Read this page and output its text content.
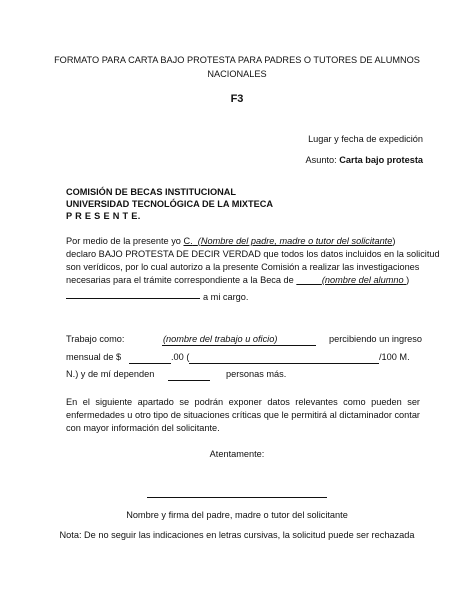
FORMATO PARA CARTA BAJO PROTESTA PARA PADRES O TUTORES DE ALUMNOS
NACIONALES
F3
Lugar y fecha de expedición
Asunto: Carta bajo protesta
COMISIÓN DE BECAS INSTITUCIONAL
UNIVERSIDAD TECNOLÓGICA DE LA MIXTECA
P R E S E N T E.
Por medio de la presente yo C. (Nombre del padre, madre o tutor del solicitante)
declaro BAJO PROTESTA DE DECIR VERDAD que todos los datos incluidos en la solicitud
son verídicos, por lo cual autorizo a la presente Comisión a realizar las investigaciones
necesarias para el trámite correspondiente a la Beca de	(nombre del alumno )
a mi cargo.
Trabajo como:	(nombre del trabajo u oficio)	percibiendo un ingreso
mensual de $	.00 (	/100 M.
N.) y de mí dependen	personas más.
En el siguiente apartado se podrán exponer datos relevantes como pueden ser enfermedades u otro tipo de situaciones críticas que le permitirá al dictaminador contar con mayor información del solicitante.
Atentamente:
Nombre y firma del padre, madre o tutor del solicitante
Nota: De no seguir las indicaciones en letras cursivas, la solicitud puede ser rechazada
